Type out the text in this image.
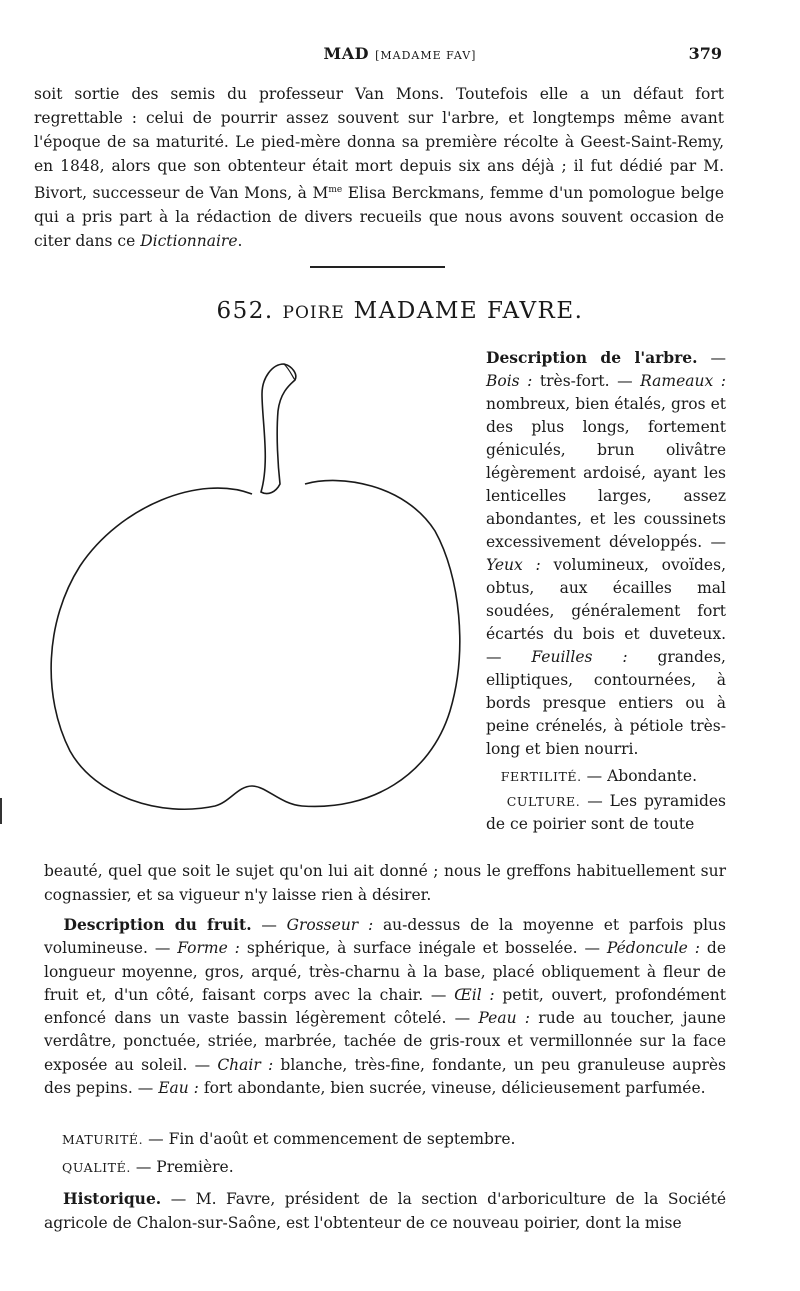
MAD [MADAME FAV]	379

soit sortie des semis du professeur Van Mons. Toutefois elle a un défaut fort regrettable : celui de pourrir assez souvent sur l'arbre, et longtemps même avant l'époque de sa maturité. Le pied-mère donna sa première récolte à Geest-Saint-Remy, en 1848, alors que son obtenteur était mort depuis six ans déjà ; il fut dédié par M. Bivort, successeur de Van Mons, à $M^{me}$ Elisa Berckmans, femme d'un pomologue belge qui a pris part à la rédaction de divers recueils que nous avons souvent occasion de citer dans ce Dictionnaire.

652. POIRE MADAME FAVRE.

Description de l'arbre. — Bois : très-fort. — Rameaux : nombreux, bien étalés, gros et des plus longs, fortement géniculés, brun olivâtre légèrement ardoisé, ayant les lenticelles larges, assez abondantes, et les coussinets excessivement développés. — Yeux : volumineux, ovoïdes, obtus, aux écailles mal soudées, généralement fort écartés du bois et duveteux. — Feuilles : grandes, elliptiques, contournées, à bords presque entiers ou à peine crénelés, à pétiole très-long et bien nourri.

FERTILITÉ. — Abondante.

CULTURE. — Les pyramides de ce poirier sont de toute

beauté, quel que soit le sujet qu'on lui ait donné ; nous le greffons habituellement sur cognassier, et sa vigueur n'y laisse rien à désirer.

Description du fruit. — Grosseur : au-dessus de la moyenne et parfois plus volumineuse. — Forme : sphérique, à surface inégale et bosselée. — Pédoncule : de longueur moyenne, gros, arqué, très-charnu à la base, placé obliquement à fleur de fruit et, d'un côté, faisant corps avec la chair. — Œil : petit, ouvert, profondément enfoncé dans un vaste bassin légèrement côtelé. — Peau : rude au toucher, jaune verdâtre, ponctuée, striée, marbrée, tachée de gris-roux et vermillonnée sur la face exposée au soleil. — Chair : blanche, très-fine, fondante, un peu granuleuse auprès des pepins. — Eau : fort abondante, bien sucrée, vineuse, délicieusement parfumée.

MATURITÉ. — Fin d'août et commencement de septembre.

QUALITÉ. — Première.

Historique. — M. Favre, président de la section d'arboriculture de la Société agricole de Chalon-sur-Saône, est l'obtenteur de ce nouveau poirier, dont la mise
